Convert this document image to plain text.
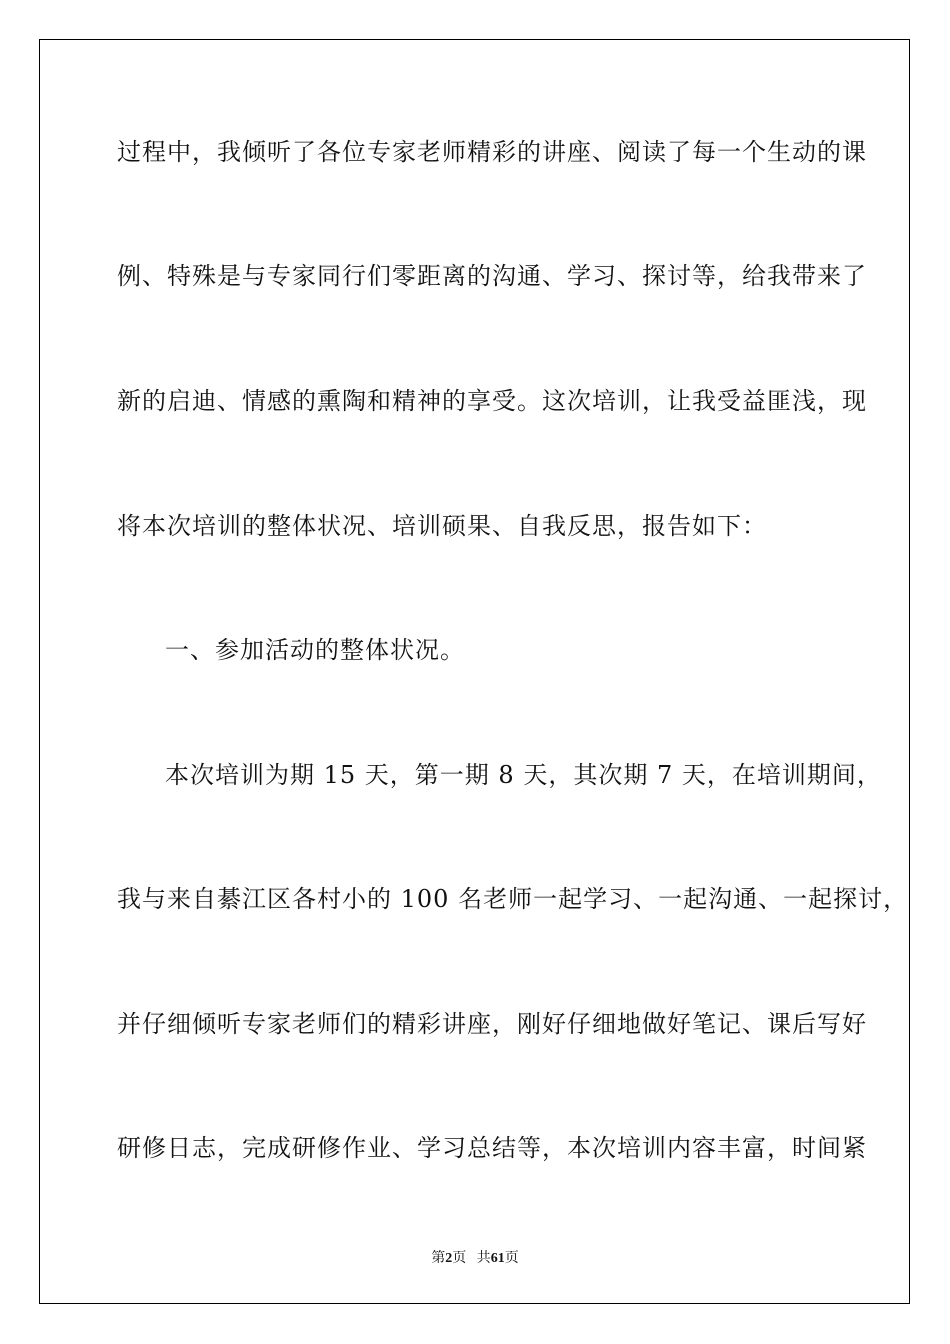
过程中，我倾听了各位专家老师精彩的讲座、阅读了每一个生动的课
例、特殊是与专家同行们零距离的沟通、学习、探讨等，给我带来了
新的启迪、情感的熏陶和精神的享受。这次培训，让我受益匪浅，现
将本次培训的整体状况、培训硕果、自我反思，报告如下：
一、参加活动的整体状况。
本次培训为期 15 天，第一期 8 天，其次期 7 天，在培训期间，
我与来自綦江区各村小的 100 名老师一起学习、一起沟通、一起探讨，
并仔细倾听专家老师们的精彩讲座，刚好仔细地做好笔记、课后写好
研修日志，完成研修作业、学习总结等，本次培训内容丰富，时间紧
第2页 共61页
